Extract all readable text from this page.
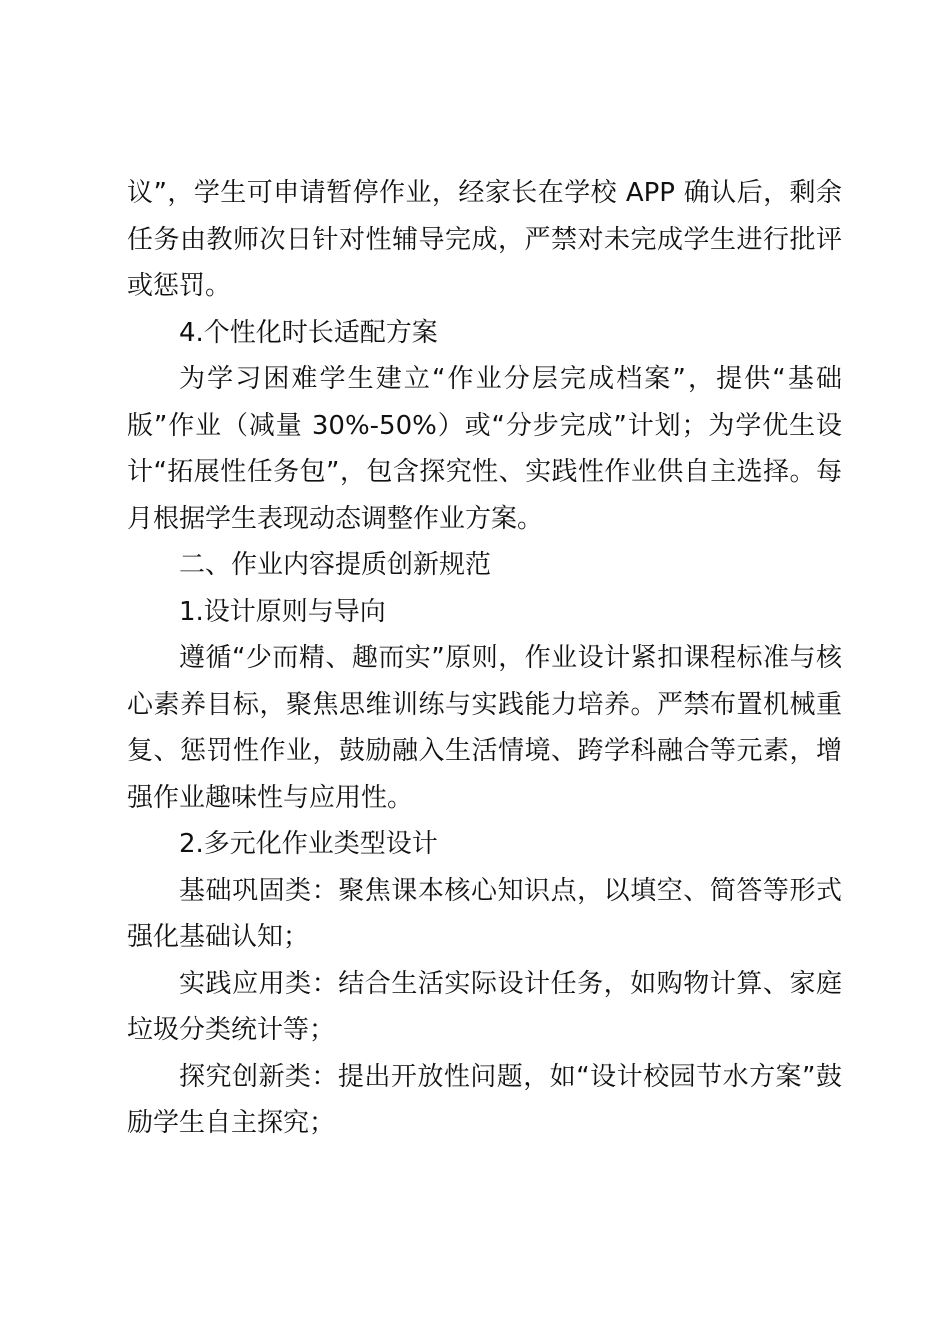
议”，学生可申请暂停作业，经家长在学校 APP 确认后，剩余任务由教师次日针对性辅导完成，严禁对未完成学生进行批评或惩罚。

4.个性化时长适配方案

为学习困难学生建立“作业分层完成档案”，提供“基础版”作业（减量 30%-50%）或“分步完成”计划；为学优生设计“拓展性任务包”，包含探究性、实践性作业供自主选择。每月根据学生表现动态调整作业方案。

二、作业内容提质创新规范

1.设计原则与导向

遵循“少而精、趣而实”原则，作业设计紧扣课程标准与核心素养目标，聚焦思维训练与实践能力培养。严禁布置机械重复、惩罚性作业，鼓励融入生活情境、跨学科融合等元素，增强作业趣味性与应用性。

2.多元化作业类型设计

基础巩固类：聚焦课本核心知识点，以填空、简答等形式强化基础认知；

实践应用类：结合生活实际设计任务，如购物计算、家庭垃圾分类统计等；

探究创新类：提出开放性问题，如“设计校园节水方案”鼓励学生自主探究；
